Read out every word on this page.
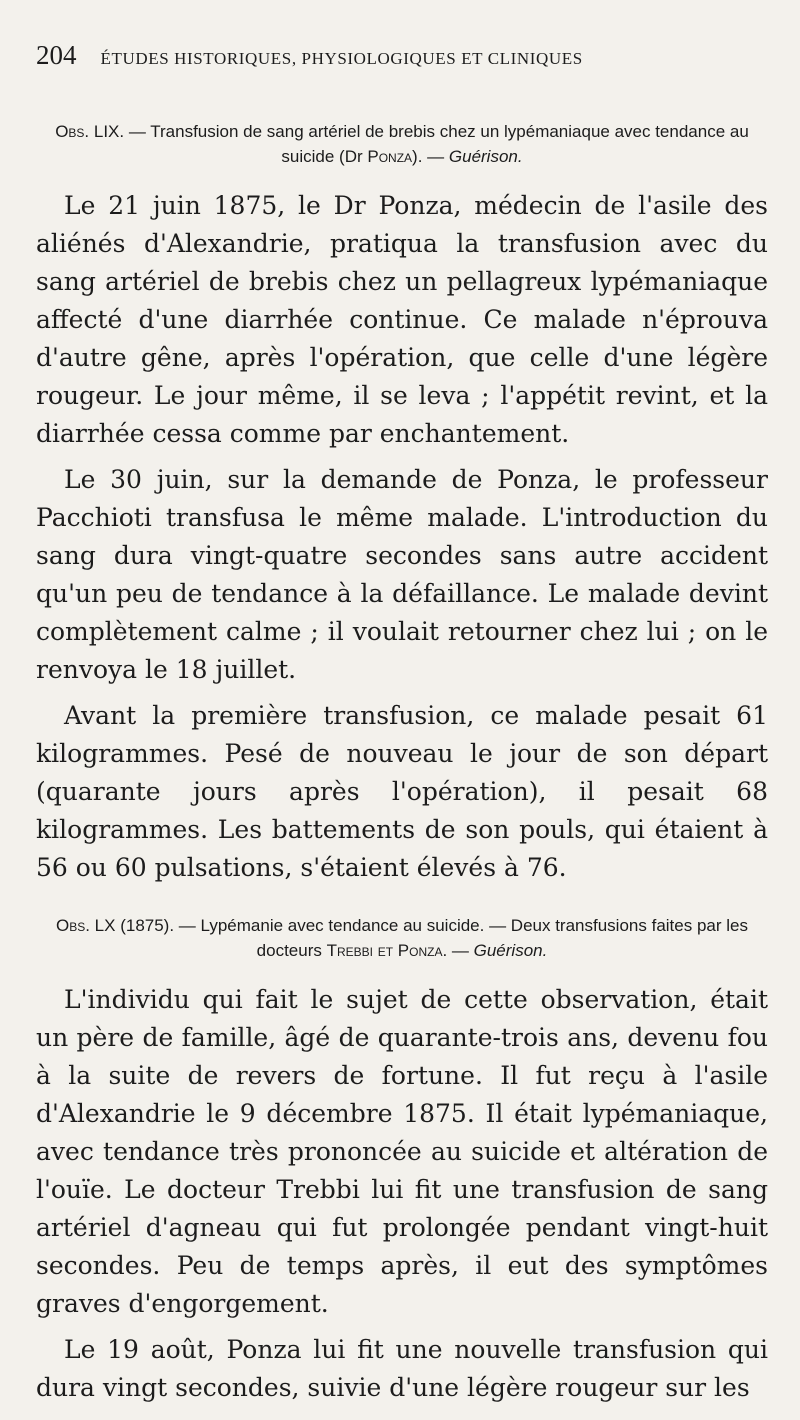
204 ÉTUDES HISTORIQUES, PHYSIOLOGIQUES ET CLINIQUES
Obs. LIX. — Transfusion de sang artériel de brebis chez un lypémaniaque avec tendance au suicide (Dr Ponza). — Guérison.

Le 21 juin 1875, le Dr Ponza, médecin de l'asile des aliénés d'Alexandrie, pratiqua la transfusion avec du sang artériel de brebis chez un pellagreux lypémaniaque affecté d'une diarrhée continue. Ce malade n'éprouva d'autre gêne, après l'opération, que celle d'une légère rougeur. Le jour même, il se leva ; l'appétit revint, et la diarrhée cessa comme par enchantement.

Le 30 juin, sur la demande de Ponza, le professeur Pacchioti transfusa le même malade. L'introduction du sang dura vingt-quatre secondes sans autre accident qu'un peu de tendance à la défaillance. Le malade devint complètement calme ; il voulait retourner chez lui ; on le renvoya le 18 juillet.

Avant la première transfusion, ce malade pesait 61 kilogrammes. Pesé de nouveau le jour de son départ (quarante jours après l'opération), il pesait 68 kilogrammes. Les battements de son pouls, qui étaient à 56 ou 60 pulsations, s'étaient élevés à 76.

Obs. LX (1875). — Lypémanie avec tendance au suicide. — Deux transfusions faites par les docteurs Trebbi et Ponza. — Guérison.

L'individu qui fait le sujet de cette observation, était un père de famille, âgé de quarante-trois ans, devenu fou à la suite de revers de fortune. Il fut reçu à l'asile d'Alexandrie le 9 décembre 1875. Il était lypémaniaque, avec tendance très prononcée au suicide et altération de l'ouïe. Le docteur Trebbi lui fit une transfusion de sang artériel d'agneau qui fut prolongée pendant vingt-huit secondes. Peu de temps après, il eut des symptômes graves d'engorgement.

Le 19 août, Ponza lui fit une nouvelle transfusion qui dura vingt secondes, suivie d'une légère rougeur sur les
